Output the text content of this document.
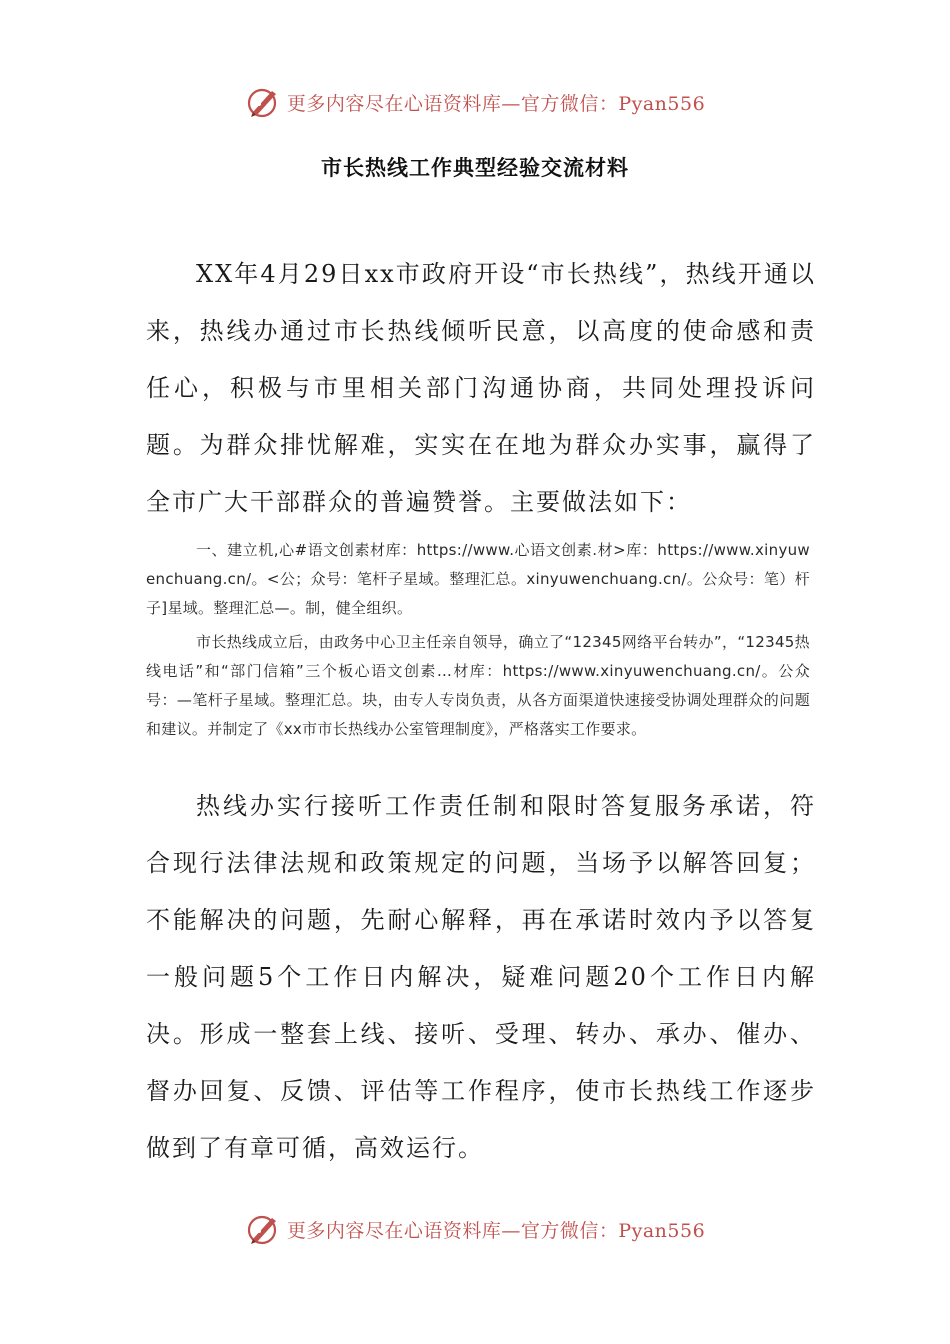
更多内容尽在心语资料库—官方微信：Pyan556
市长热线工作典型经验交流材料

XX年4月29日xx市政府开设“市长热线”，热线开通以来，热线办通过市长热线倾听民意，以高度的使命感和责任心，积极与市里相关部门沟通协商，共同处理投诉问题。为群众排忧解难，实实在在地为群众办实事，赢得了全市广大干部群众的普遍赞誉。主要做法如下：

一、建立机,心#语文创素材库：https://www.心语文创素.材>库：https://www.xinyuwenchuang.cn/。<公；众号：笔杆子星域。整理汇总。xinyuwenchuang.cn/。公众号：笔）杆子]星域。整理汇总—。制，健全组织。

市长热线成立后，由政务中心卫主任亲自领导，确立了“12345网络平台转办”，“12345热线电话”和“部门信箱”三个板心语文创素…材库：https://www.xinyuwenchuang.cn/。公众号：—笔杆子星域。整理汇总。块，由专人专岗负责，从各方面渠道快速接受协调处理群众的问题和建议。并制定了《xx市市长热线办公室管理制度》，严格落实工作要求。

热线办实行接听工作责任制和限时答复服务承诺，符合现行法律法规和政策规定的问题，当场予以解答回复；不能解决的问题，先耐心解释，再在承诺时效内予以答复一般问题5个工作日内解决，疑难问题20个工作日内解决。形成一整套上线、接听、受理、转办、承办、催办、督办回复、反馈、评估等工作程序，使市长热线工作逐步做到了有章可循，高效运行。

更多内容尽在心语资料库—官方微信：Pyan556
